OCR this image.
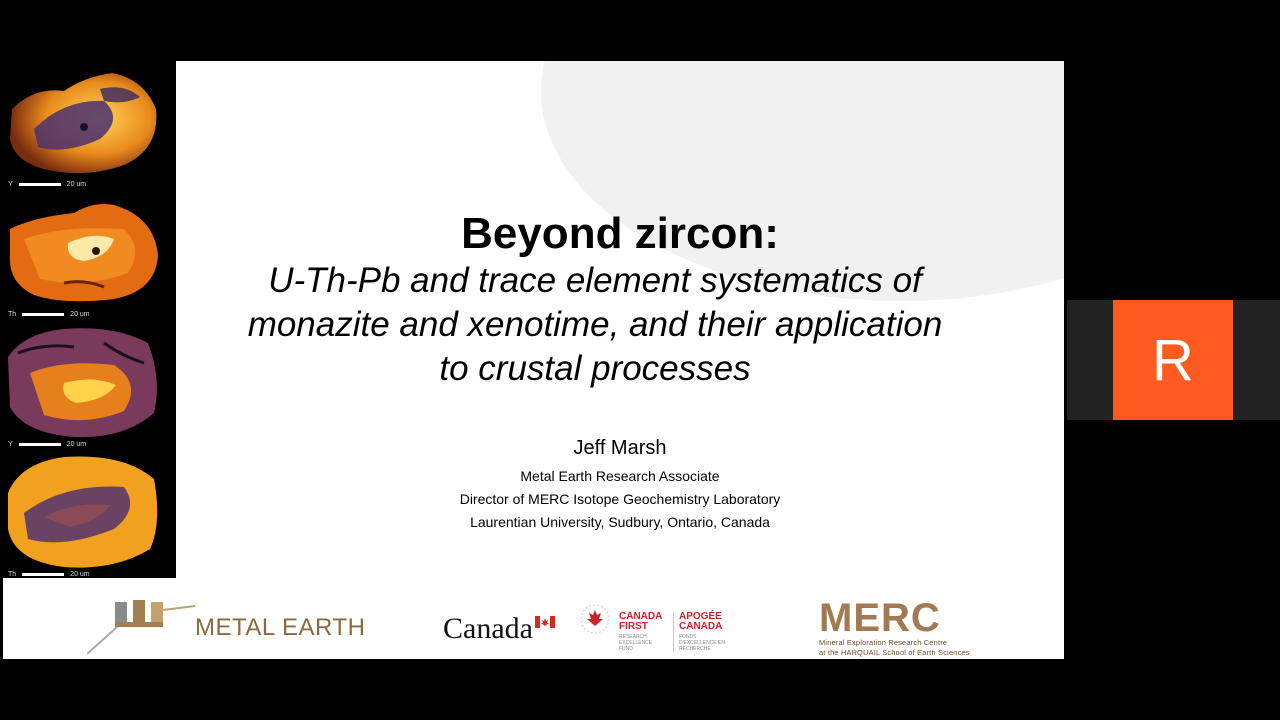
Y	20 um
Th	20 um
Y	20 um
Th	20 um
Beyond zircon:
U-Th-Pb and trace element systematics of
monazite and xenotime, and their application
to crustal processes
Jeff Marsh
Metal Earth Research Associate
Director of MERC Isotope Geochemistry Laboratory
Laurentian University, Sudbury, Ontario, Canada
METAL EARTH	Canada	CANADA
FIRST
RESEARCH EXCELLENCE FUND
APOGÉE
CANADA
FONDS D'EXCELLENCE EN RECHERCHE
MERC
Mineral Exploration Research Centre
at the HARQUAIL School of Earth Sciences
R
